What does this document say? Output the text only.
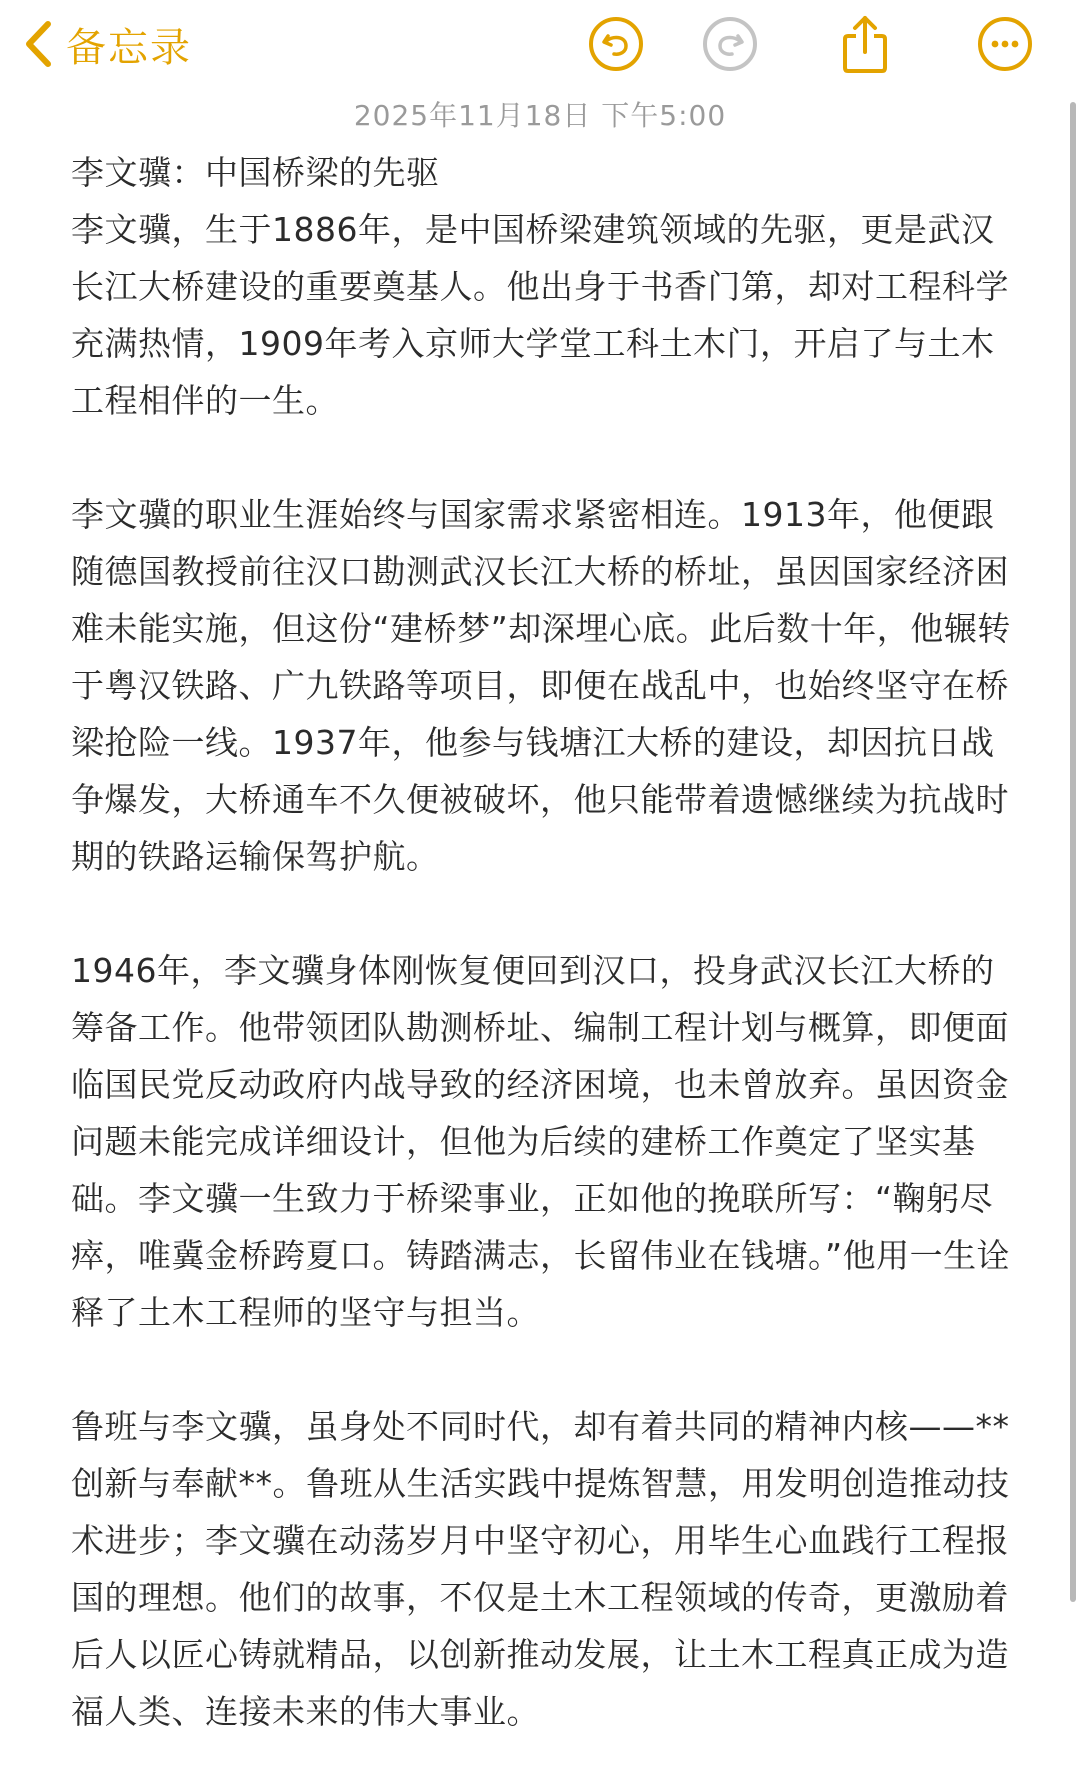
备忘录
2025年11月18日 下午5:00

李文骥：中国桥梁的先驱

李文骥，生于1886年，是中国桥梁建筑领域的先驱，更是武汉长江大桥建设的重要奠基人。他出身于书香门第，却对工程科学充满热情，1909年考入京师大学堂工科土木门，开启了与土木工程相伴的一生。

李文骥的职业生涯始终与国家需求紧密相连。1913年，他便跟随德国教授前往汉口勘测武汉长江大桥的桥址，虽因国家经济困难未能实施，但这份“建桥梦”却深埋心底。此后数十年，他辗转于粤汉铁路、广九铁路等项目，即便在战乱中，也始终坚守在桥梁抢险一线。1937年，他参与钱塘江大桥的建设，却因抗日战争爆发，大桥通车不久便被破坏，他只能带着遗憾继续为抗战时期的铁路运输保驾护航。

1946年，李文骥身体刚恢复便回到汉口，投身武汉长江大桥的筹备工作。他带领团队勘测桥址、编制工程计划与概算，即便面临国民党反动政府内战导致的经济困境，也未曾放弃。虽因资金问题未能完成详细设计，但他为后续的建桥工作奠定了坚实基础。李文骥一生致力于桥梁事业，正如他的挽联所写：“鞠躬尽瘁，唯冀金桥跨夏口。铸踏满志，长留伟业在钱塘。”他用一生诠释了土木工程师的坚守与担当。

鲁班与李文骥，虽身处不同时代，却有着共同的精神内核——**创新与奉献**。鲁班从生活实践中提炼智慧，用发明创造推动技术进步；李文骥在动荡岁月中坚守初心，用毕生心血践行工程报国的理想。他们的故事，不仅是土木工程领域的传奇，更激励着后人以匠心铸就精品，以创新推动发展，让土木工程真正成为造福人类、连接未来的伟大事业。
